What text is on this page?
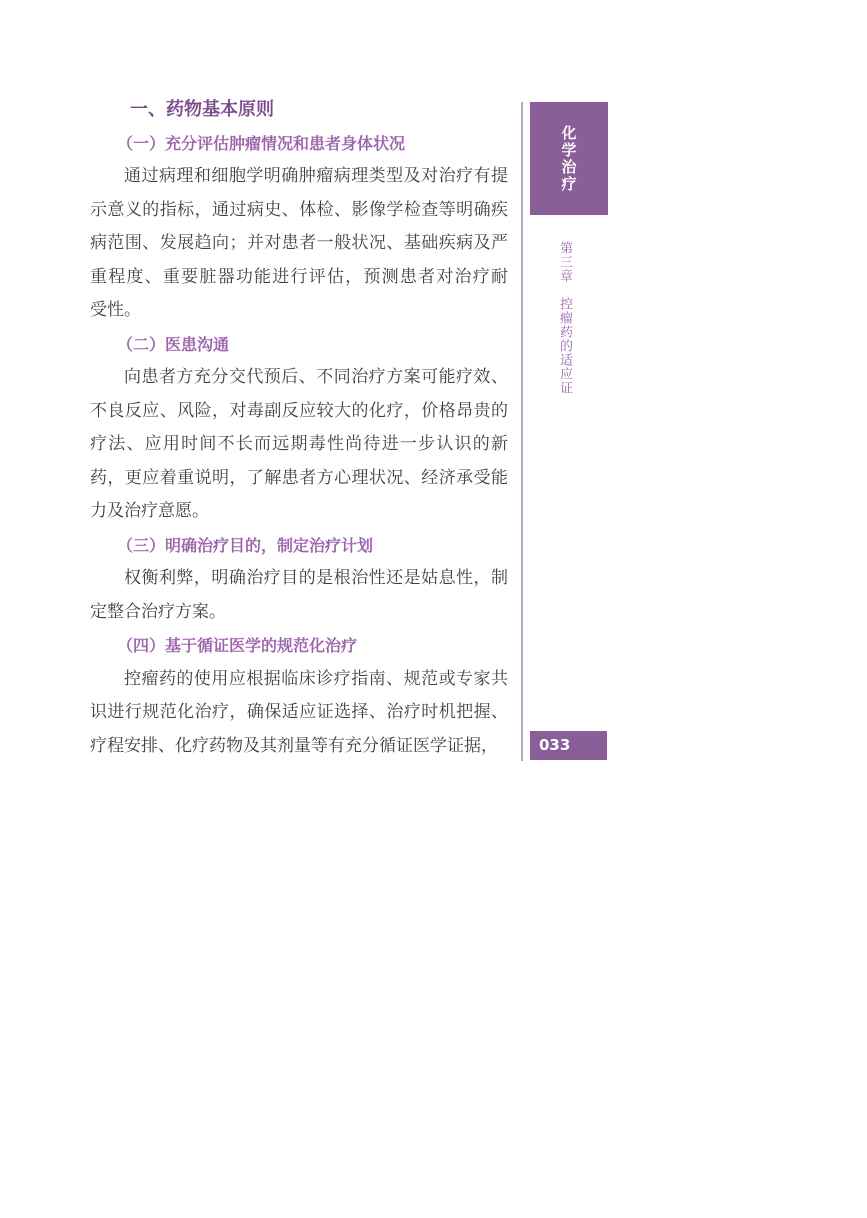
一、药物基本原则
（一）充分评估肿瘤情况和患者身体状况
通过病理和细胞学明确肿瘤病理类型及对治疗有提
示意义的指标，通过病史、体检、影像学检查等明确疾
病范围、发展趋向；并对患者一般状况、基础疾病及严
重程度、重要脏器功能进行评估，预测患者对治疗耐
受性。
（二）医患沟通
向患者方充分交代预后、不同治疗方案可能疗效、
不良反应、风险，对毒副反应较大的化疗，价格昂贵的
疗法、应用时间不长而远期毒性尚待进一步认识的新
药，更应着重说明，了解患者方心理状况、经济承受能
力及治疗意愿。
（三）明确治疗目的，制定治疗计划
权衡利弊，明确治疗目的是根治性还是姑息性，制
定整合治疗方案。
（四）基于循证医学的规范化治疗
控瘤药的使用应根据临床诊疗指南、规范或专家共
识进行规范化治疗，确保适应证选择、治疗时机把握、
疗程安排、化疗药物及其剂量等有充分循证医学证据，
化学治疗
第三章
控瘤药的适应证
033
